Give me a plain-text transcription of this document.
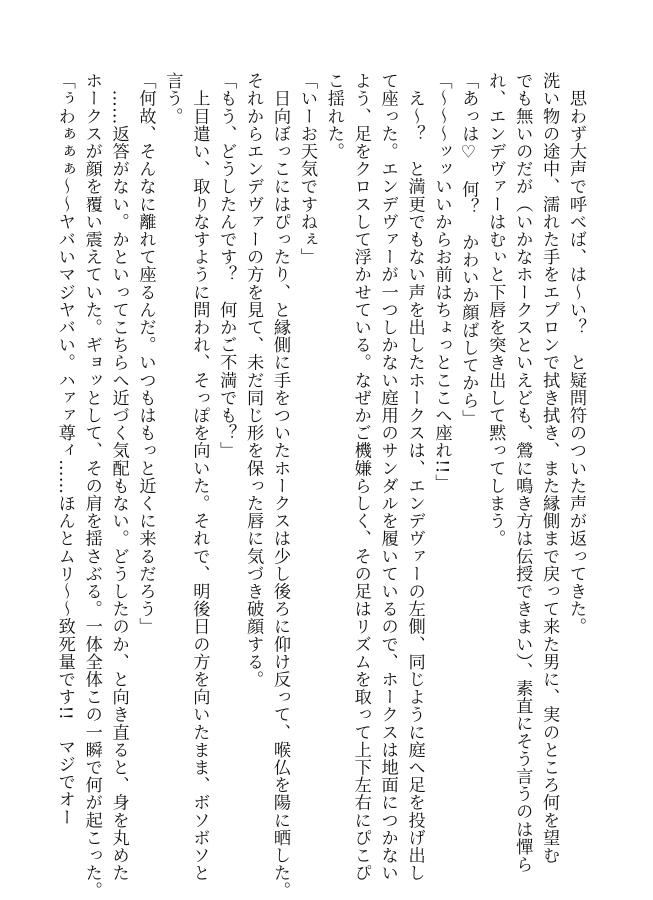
　思わず大声で呼べば、は〜い？　と疑問符のついた声が返ってきた。
洗い物の途中、濡れた手をエプロンで拭き拭き、また縁側まで戻って来た男に、実のところ何を望む
でも無いのだが（いかなホークスといえども、鶯に鳴き方は伝授できまい）、素直にそう言うのは憚ら
れ、エンデヴァーはむぃと下唇を突き出して黙ってしまう。
「あっは♡　何？　かわいか顔ばしてから」
「〜〜〜ッッいいからお前はちょっとここへ座れ!!」
　え〜？　と満更でもない声を出したホークスは、エンデヴァーの左側、同じように庭へ足を投げ出し
て座った。エンデヴァーが一つしかない庭用のサンダルを履いているので、ホークスは地面につかない
よう、足をクロスして浮かせている。なぜかご機嫌らしく、その足はリズムを取って上下左右にぴこぴ
こ揺れた。
「いーお天気ですねぇ」
　日向ぼっこにはぴったり、と縁側に手をついたホークスは少し後ろに仰け反って、喉仏を陽に晒した。
それからエンデヴァーの方を見て、未だ同じ形を保った唇に気づき破顔する。
「もう、どうしたんです？　何かご不満でも？」
　上目遣い、取りなすように問われ、そっぽを向いた。それで、明後日の方を向いたまま、ボソボソと
言う。
「何故、そんなに離れて座るんだ。いつもはもっと近くに来るだろう」
　……返答がない。かといってこちらへ近づく気配もない。どうしたのか、と向き直ると、身を丸めた
ホークスが顔を覆い震えていた。ギョッとして、その肩を揺さぶる。一体全体この一瞬で何が起こった。
「ぅわぁぁぁ〜〜ヤバいマジヤバい。ハァァ尊ィ……ほんとムリ〜〜致死量です!!　マジでオー
